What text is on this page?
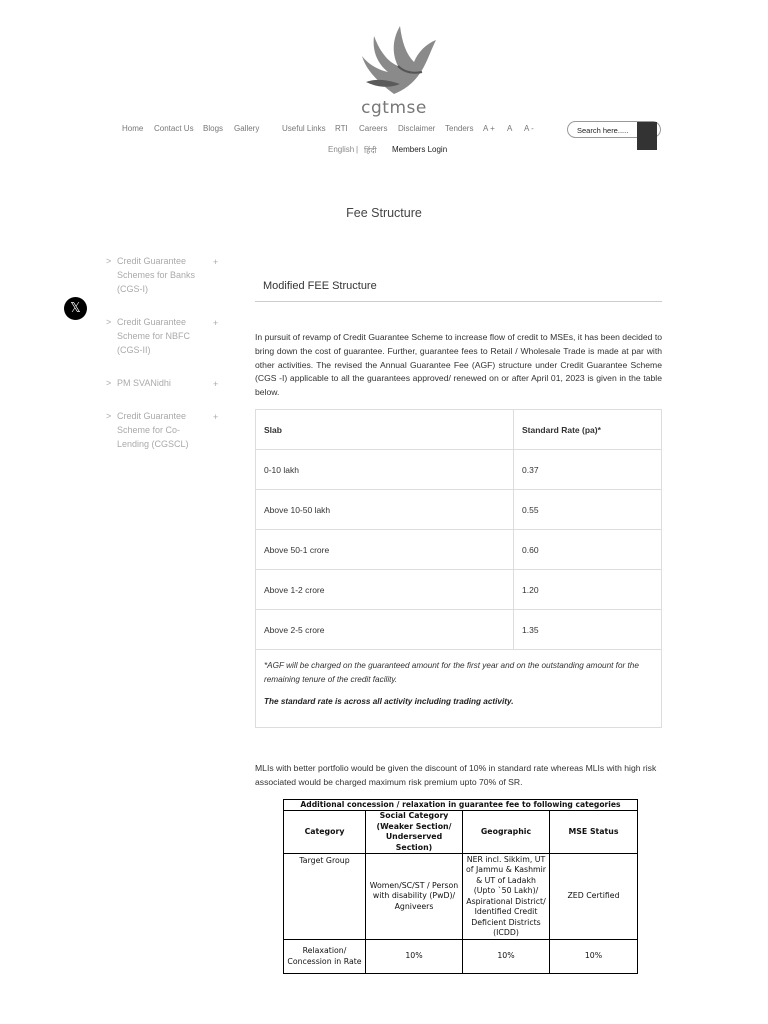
cgtmse
Home Contact Us Blogs Gallery	Useful Links RTI Careers Disclaimer Tenders A + A A -
Search here.....
English | हिंदी Members Login
Fee Structure
> Credit Guarantee Schemes for Banks (CGS-I)
+
> Credit Guarantee Scheme for NBFC (CGS-II)
+
> PM SVANidhi	+
> Credit Guarantee Scheme for Co-Lending (CGSCL)
+
𝕏
Modified FEE Structure

In pursuit of revamp of Credit Guarantee Scheme to increase flow of credit to MSEs, it has been decided to bring down the cost of guarantee. Further, guarantee fees to Retail / Wholesale Trade is made at par with other activities. The revised the Annual Guarantee Fee (AGF) structure under Credit Guarantee Scheme (CGS -I) applicable to all the guarantees approved/ renewed on or after April 01, 2023 is given in the table below.

Slab	Standard Rate (pa)*
0-10 lakh	0.37
Above 10-50 lakh	0.55
Above 50-1 crore	0.60
Above 1-2 crore	1.20
Above 2-5 crore	1.35

*AGF will be charged on the guaranteed amount for the first year and on the outstanding amount for the remaining tenure of the credit facility.

The standard rate is across all activity including trading activity.	

MLIs with better portfolio would be given the discount of 10% in standard rate whereas MLIs with high risk associated would be charged maximum risk premium upto 70% of SR.

Additional concession / relaxation in guarantee fee to following categories			
Category	Social Category (Weaker Section/ Underserved Section)	Geographic	MSE Status
Target Group	Women/SC/ST / Person with disability (PwD)/ Agniveers	NER incl. Sikkim, UT of Jammu & Kashmir & UT of Ladakh (Upto `50 Lakh)/ Aspirational District/ Identified Credit Deficient Districts (ICDD)	ZED Certified
Relaxation/ Concession in Rate	10%	10%	10%
